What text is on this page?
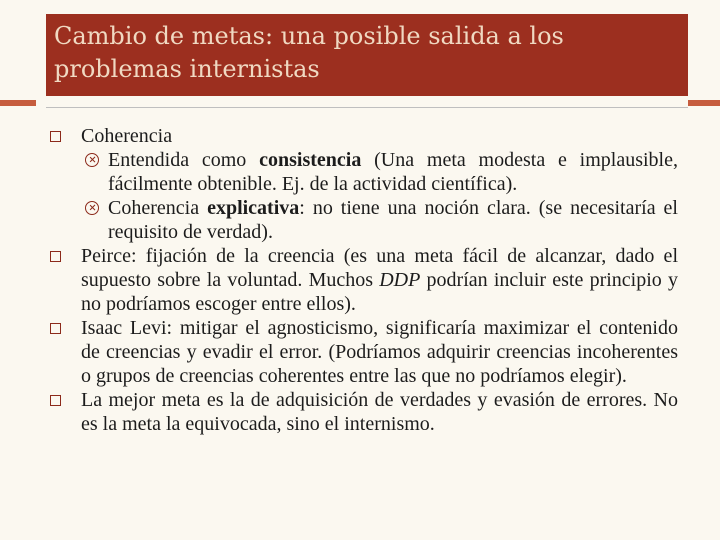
Cambio de metas: una posible salida a los problemas internistas
Coherencia
Entendida como consistencia (Una meta modesta e implausible, fácilmente obtenible. Ej. de la actividad científica).
Coherencia explicativa: no tiene una noción clara. (se necesitaría el requisito de verdad).
Peirce: fijación de la creencia (es una meta fácil de alcanzar, dado el supuesto sobre la voluntad. Muchos DDP podrían incluir este principio y no podríamos escoger entre ellos).
Isaac Levi: mitigar el agnosticismo, significaría maximizar el contenido de creencias y evadir el error. (Podríamos adquirir creencias incoherentes o grupos de creencias coherentes entre las que no podríamos elegir).
La mejor meta es la de adquisición de verdades y evasión de errores. No es la meta la equivocada, sino el internismo.
